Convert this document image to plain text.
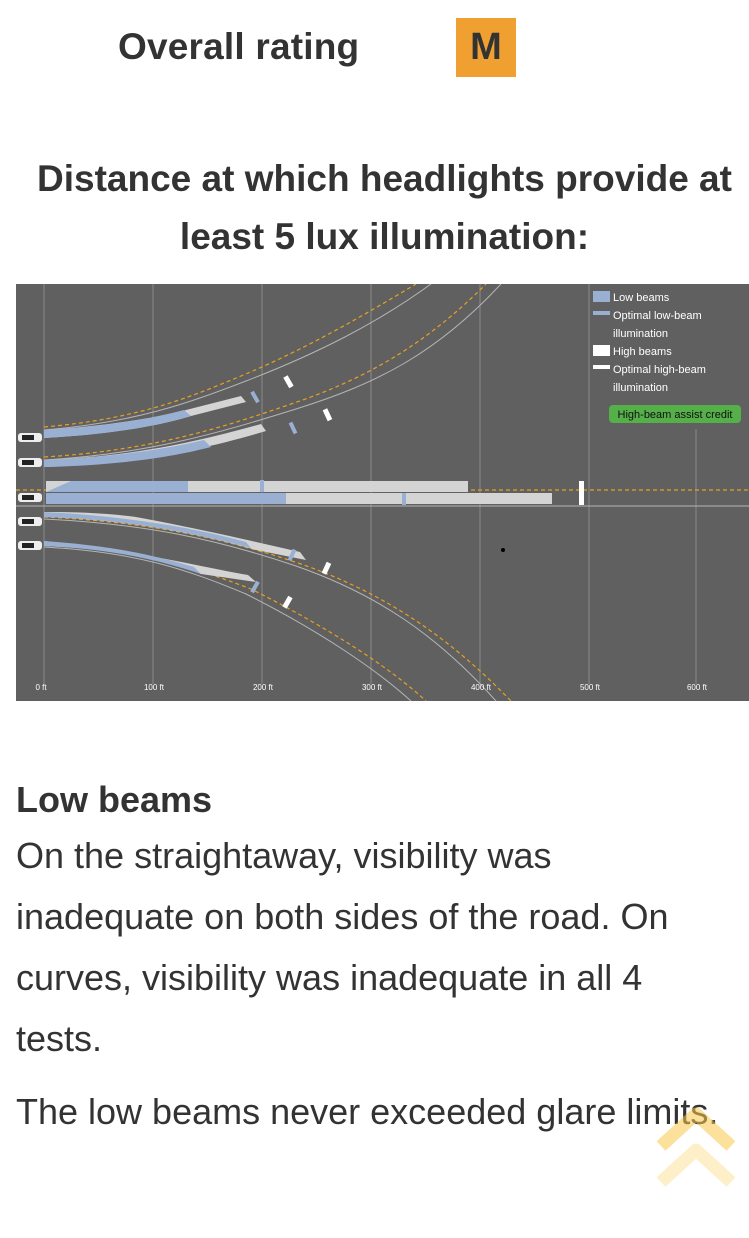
Overall rating	M
Distance at which headlights provide at least 5 lux illumination:
Low beams
Optimal low-beam illumination
High beams
Optimal high-beam illumination
High-beam assist credit
0 ft	100 ft	200 ft	300 ft	400 ft	500 ft	600 ft

Low beams

On the straightaway, visibility was inadequate on both sides of the road. On curves, visibility was inadequate in all 4 tests.

The low beams never exceeded glare limits.
